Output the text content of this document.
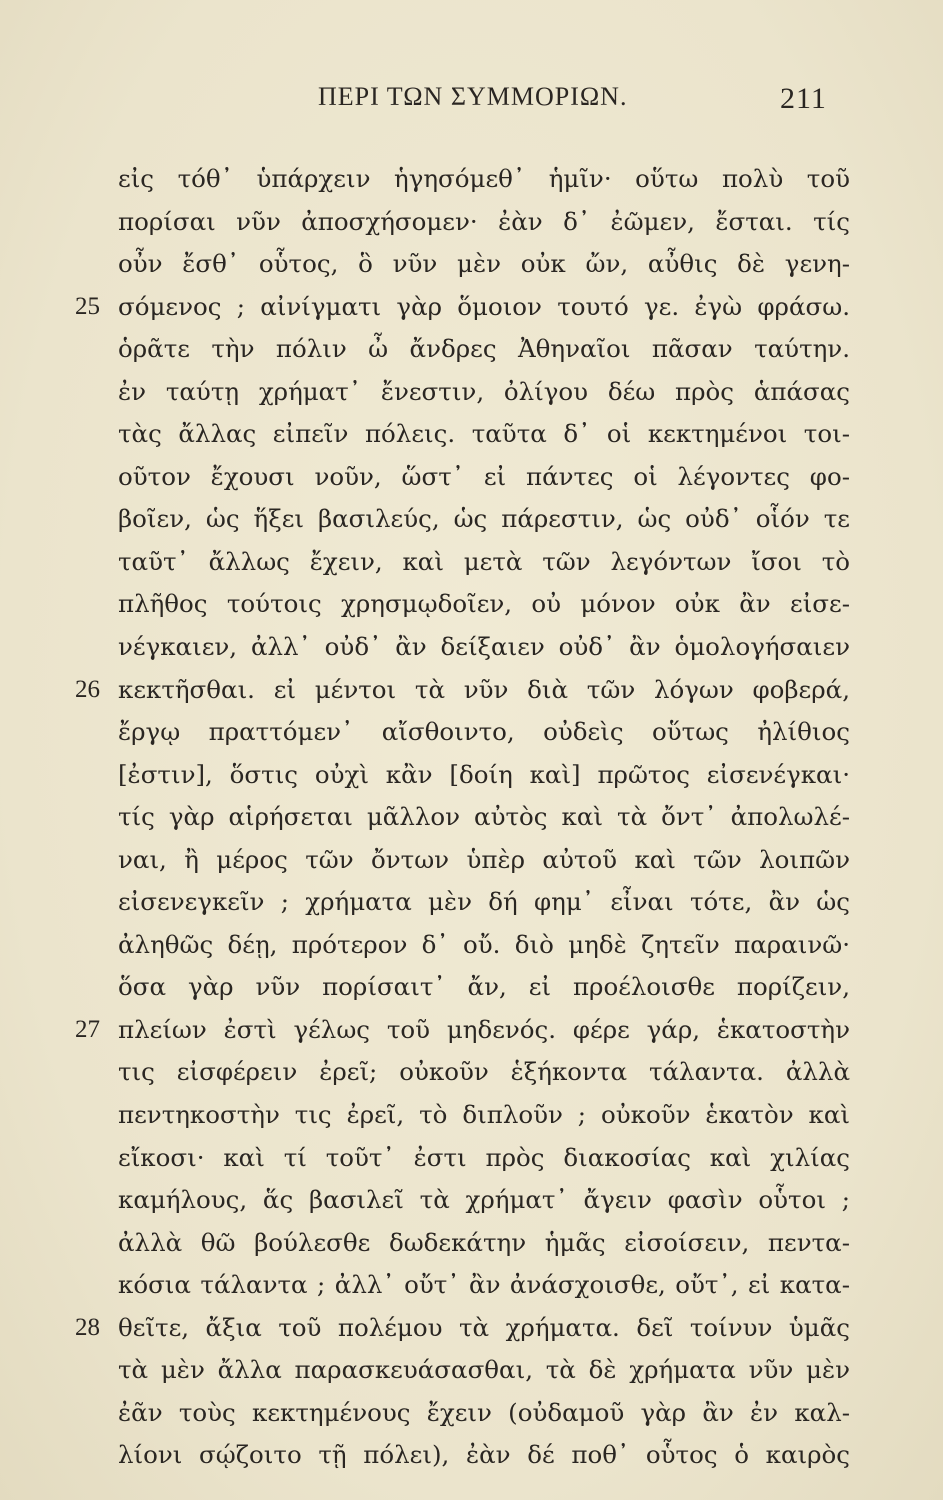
ΠΕΡΙ ΤΩΝ ΣΥΜΜΟΡΙΩΝ.	211
εἰς τόθ᾽ ὑπάρχειν ἡγησόμεθ᾽ ἡμῖν· οὕτω πολὺ τοῦ
πορίσαι νῦν ἀποσχήσομεν· ἐὰν δ᾽ ἐῶμεν, ἔσται. τίς
οὖν ἔσθ᾽ οὗτος, ὃ νῦν μὲν οὐκ ὤν, αὖθις δὲ γενη-
25 σόμενος ; αἰνίγματι γὰρ ὅμοιον τουτό γε. ἐγὼ φράσω.
ὁρᾶτε τὴν πόλιν ὦ ἄνδρες Ἀθηναῖοι πᾶσαν ταύτην.
ἐν ταύτῃ χρήματ᾽ ἔνεστιν, ὀλίγου δέω πρὸς ἁπάσας
τὰς ἄλλας εἰπεῖν πόλεις. ταῦτα δ᾽ οἱ κεκτημένοι τοι-
οῦτον ἔχουσι νοῦν, ὥστ᾽ εἰ πάντες οἱ λέγοντες φο-
βοῖεν, ὡς ἥξει βασιλεύς, ὡς πάρεστιν, ὡς οὐδ᾽ οἷόν τε
ταῦτ᾽ ἄλλως ἔχειν, καὶ μετὰ τῶν λεγόντων ἴσοι τὸ
πλῆθος τούτοις χρησμῳδοῖεν, οὐ μόνον οὐκ ἂν εἰσε-
νέγκαιεν, ἀλλ᾽ οὐδ᾽ ἂν δείξαιεν οὐδ᾽ ἂν ὁμολογήσαιεν
26 κεκτῆσθαι. εἰ μέντοι τὰ νῦν διὰ τῶν λόγων φοβερά,
ἔργῳ πραττόμεν᾽ αἴσθοιντο, οὐδεὶς οὕτως ἠλίθιος
[ἐστιν], ὅστις οὐχὶ κἂν [δοίη καὶ] πρῶτος εἰσενέγκαι·
τίς γὰρ αἱρήσεται μᾶλλον αὐτὸς καὶ τὰ ὄντ᾽ ἀπολωλέ-
ναι, ἢ μέρος τῶν ὄντων ὑπὲρ αὐτοῦ καὶ τῶν λοιπῶν
εἰσενεγκεῖν ; χρήματα μὲν δή φημ᾽ εἶναι τότε, ἂν ὡς
ἀληθῶς δέῃ, πρότερον δ᾽ οὔ. διὸ μηδὲ ζητεῖν παραινῶ·
ὅσα γὰρ νῦν πορίσαιτ᾽ ἄν, εἰ προέλοισθε πορίζειν,
27 πλείων ἐστὶ γέλως τοῦ μηδενός. φέρε γάρ, ἑκατοστὴν
τις εἰσφέρειν ἐρεῖ; οὐκοῦν ἑξήκοντα τάλαντα. ἀλλὰ
πεντηκοστὴν τις ἐρεῖ, τὸ διπλοῦν ; οὐκοῦν ἑκατὸν καὶ
εἴκοσι· καὶ τί τοῦτ᾽ ἐστι πρὸς διακοσίας καὶ χιλίας
καμήλους, ἅς βασιλεῖ τὰ χρήματ᾽ ἄγειν φασὶν οὗτοι ;
ἀλλὰ θῶ βούλεσθε δωδεκάτην ἡμᾶς εἰσοίσειν, πεντα-
κόσια τάλαντα ; ἀλλ᾽ οὔτ᾽ ἂν ἀνάσχοισθε, οὔτ᾽, εἰ κατα-
28 θεῖτε, ἄξια τοῦ πολέμου τὰ χρήματα. δεῖ τοίνυν ὑμᾶς
τὰ μὲν ἄλλα παρασκευάσασθαι, τὰ δὲ χρήματα νῦν μὲν
ἐᾶν τοὺς κεκτημένους ἔχειν (οὐδαμοῦ γὰρ ἂν ἐν καλ-
λίονι σῴζοιτο τῇ πόλει), ἐὰν δέ ποθ᾽ οὗτος ὁ καιρὸς
